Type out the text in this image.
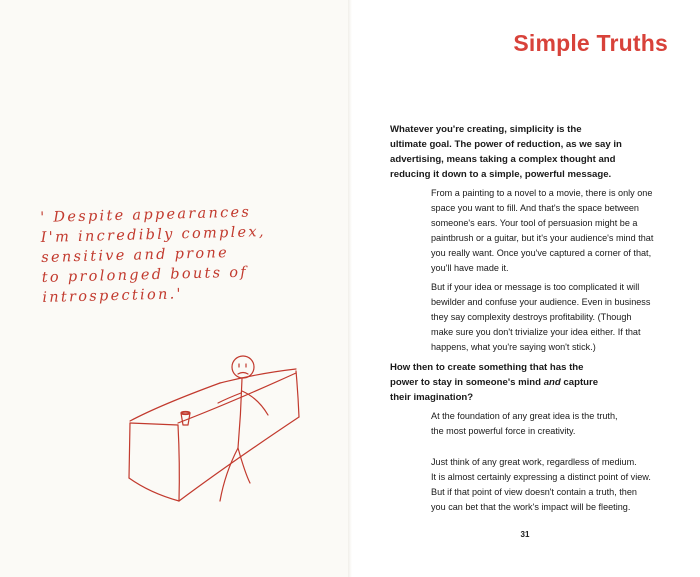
Simple Truths

Whatever you're creating, simplicity is the

ultimate goal. The power of reduction, as we say in

advertising, means taking a complex thought and

reducing it down to a simple, powerful message.

From a painting to a novel to a movie, there is only one

space you want to fill. And that's the space between

someone's ears. Your tool of persuasion might be a

paintbrush or a guitar, but it's your audience's mind that

you really want. Once you've captured a corner of that,

you'll have made it.

But if your idea or message is too complicated it will

bewilder and confuse your audience. Even in business

they say complexity destroys profitability. (Though

make sure you don't trivialize your idea either. If that

happens, what you're saying won't stick.)

How then to create something that has the

power to stay in someone's mind and capture

their imagination?

At the foundation of any great idea is the truth,

the most powerful force in creativity.

Just think of any great work, regardless of medium.

It is almost certainly expressing a distinct point of view.

But if that point of view doesn't contain a truth, then

you can bet that the work's impact will be fleeting.

31
' Despite appearances
I'm incredibly complex,
sensitive and prone
to prolonged bouts of
introspection.'
